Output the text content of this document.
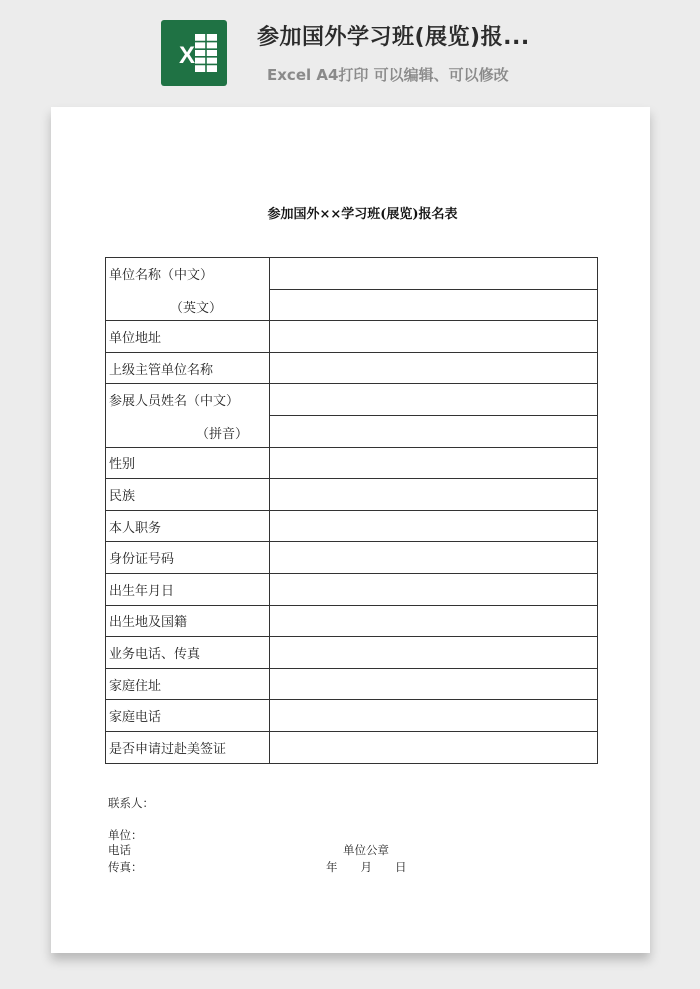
X
参加国外学习班(展览)报...
Excel A4打印 可以编辑、可以修改
参加国外××学习班(展览)报名表
单位名称（中文）
（英文）	

单位地址	
上级主管单位名称	

参展人员姓名（中文）
（拼音）	

性别	
民族	
本人职务	
身份证号码	
出生年月日	
出生地及国籍	
业务电话、传真	
家庭住址	
家庭电话	
是否申请过赴美签证	
联系人：
单位：
电话	单位公章
传真：	年　　月　　日
